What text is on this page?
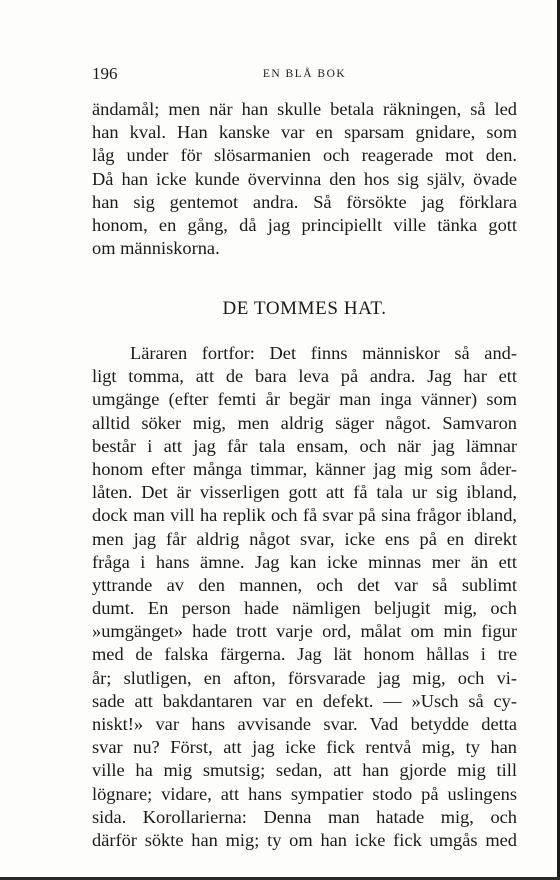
196	EN BLÅ BOK
ändamål; men när han skulle betala räkningen, så led
han kval. Han kanske var en sparsam gnidare, som
låg under för slösarmanien och reagerade mot den.
Då han icke kunde övervinna den hos sig själv, övade
han sig gentemot andra. Så försökte jag förklara
honom, en gång, då jag principiellt ville tänka gott
om människorna.
DE TOMMES HAT.
Läraren fortfor: Det finns människor så and-
ligt tomma, att de bara leva på andra. Jag har ett
umgänge (efter femti år begär man inga vänner) som
alltid söker mig, men aldrig säger något. Samvaron
består i att jag får tala ensam, och när jag lämnar
honom efter många timmar, känner jag mig som åder-
låten. Det är visserligen gott att få tala ur sig ibland,
dock man vill ha replik och få svar på sina frågor ibland,
men jag får aldrig något svar, icke ens på en direkt
fråga i hans ämne. Jag kan icke minnas mer än ett
yttrande av den mannen, och det var så sublimt
dumt. En person hade nämligen beljugit mig, och
»umgänget» hade trott varje ord, målat om min figur
med de falska färgerna. Jag lät honom hållas i tre
år; slutligen, en afton, försvarade jag mig, och vi-
sade att bakdantaren var en defekt. — »Usch så cy-
niskt!» var hans avvisande svar. Vad betydde detta
svar nu? Först, att jag icke fick rentvå mig, ty han
ville ha mig smutsig; sedan, att han gjorde mig till
lögnare; vidare, att hans sympatier stodo på uslingens
sida. Korollarierna: Denna man hatade mig, och
därför sökte han mig; ty om han icke fick umgås med
